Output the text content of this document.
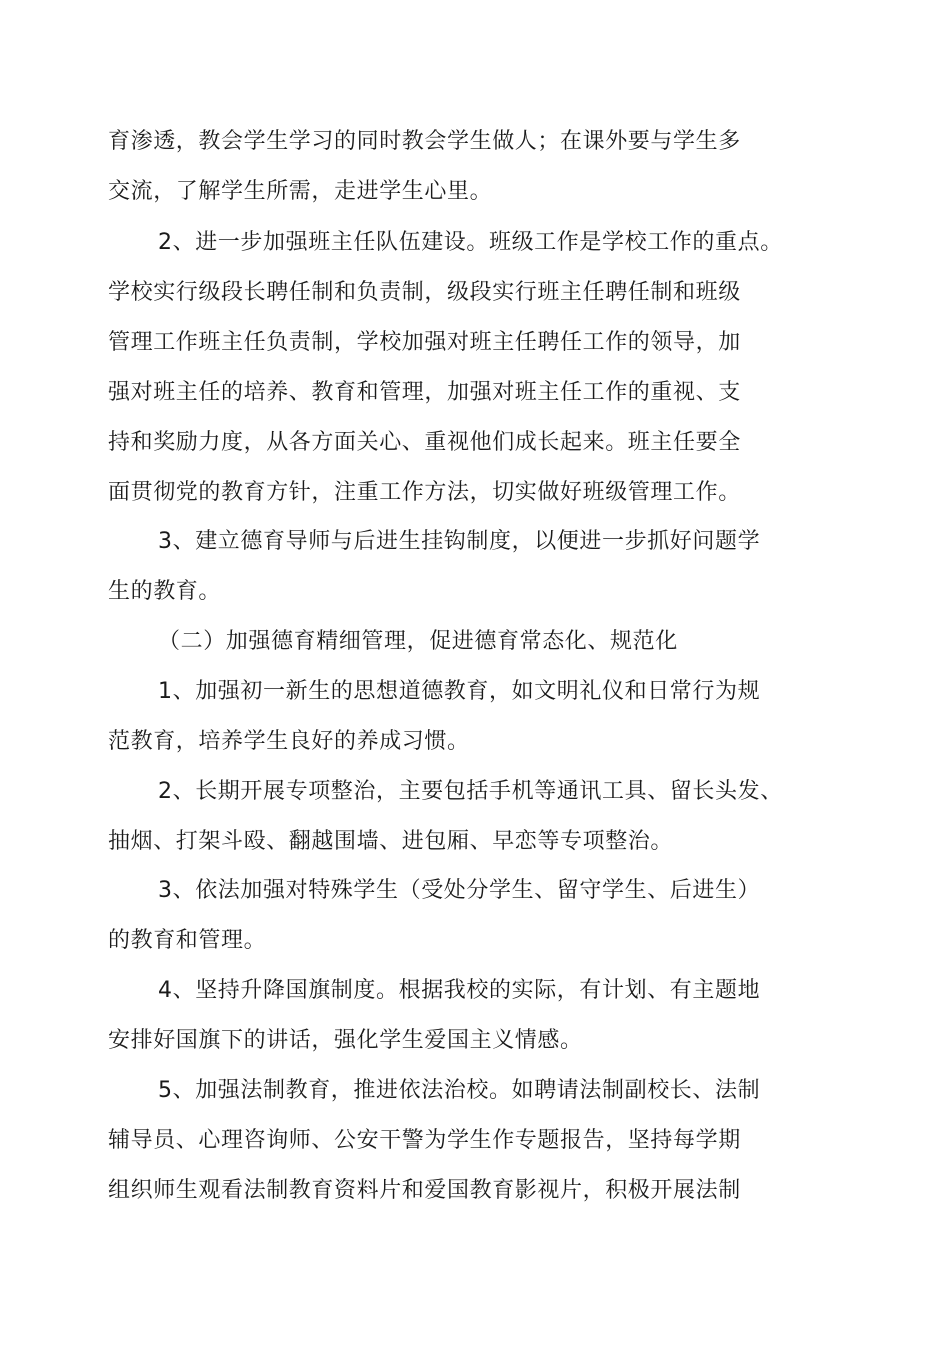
育渗透，教会学生学习的同时教会学生做人；在课外要与学生多
交流，了解学生所需，走进学生心里。
2、进一步加强班主任队伍建设。班级工作是学校工作的重点。
学校实行级段长聘任制和负责制，级段实行班主任聘任制和班级
管理工作班主任负责制，学校加强对班主任聘任工作的领导，加
强对班主任的培养、教育和管理，加强对班主任工作的重视、支
持和奖励力度，从各方面关心、重视他们成长起来。班主任要全
面贯彻党的教育方针，注重工作方法，切实做好班级管理工作。
3、建立德育导师与后进生挂钩制度，以便进一步抓好问题学
生的教育。
（二）加强德育精细管理，促进德育常态化、规范化
1、加强初一新生的思想道德教育，如文明礼仪和日常行为规
范教育，培养学生良好的养成习惯。
2、长期开展专项整治，主要包括手机等通讯工具、留长头发、
抽烟、打架斗殴、翻越围墙、进包厢、早恋等专项整治。
3、依法加强对特殊学生（受处分学生、留守学生、后进生）
的教育和管理。
4、坚持升降国旗制度。根据我校的实际，有计划、有主题地
安排好国旗下的讲话，强化学生爱国主义情感。
5、加强法制教育，推进依法治校。如聘请法制副校长、法制
辅导员、心理咨询师、公安干警为学生作专题报告，坚持每学期
组织师生观看法制教育资料片和爱国教育影视片，积极开展法制
